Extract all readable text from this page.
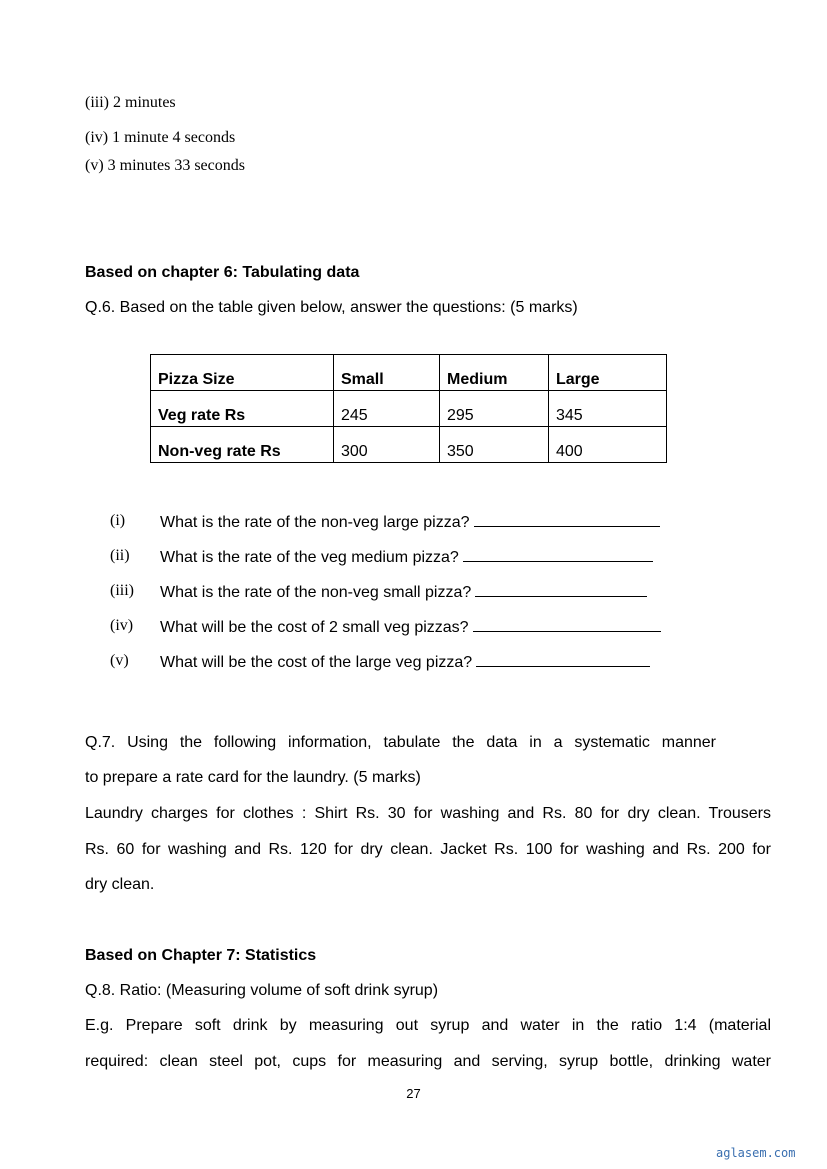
(iii) 2 minutes
(iv) 1 minute 4 seconds
(v) 3 minutes 33 seconds
Based on chapter 6: Tabulating data
Q.6. Based on the table given below, answer the questions: (5 marks)
Pizza Size	Small	Medium	Large
Veg rate Rs	245	295	345
Non-veg rate Rs	300	350	400
(i) What is the rate of the non-veg large pizza?
(ii) What is the rate of the veg medium pizza?
(iii) What is the rate of the non-veg small pizza?
(iv) What will be the cost of 2 small veg pizzas?
(v) What will be the cost of the large veg pizza?
Q.7. Using the following information, tabulate the data in a systematic manner
to prepare a rate card for the laundry. (5 marks)
Laundry charges for clothes : Shirt Rs. 30 for washing and Rs. 80 for dry clean. Trousers
Rs. 60 for washing and Rs. 120 for dry clean. Jacket Rs. 100 for washing and Rs. 200 for
dry clean.
Based on Chapter 7: Statistics
Q.8. Ratio: (Measuring volume of soft drink syrup)
E.g. Prepare soft drink by measuring out syrup and water in the ratio 1:4 (material
required: clean steel pot, cups for measuring and serving, syrup bottle, drinking water
27
aglasem.com
